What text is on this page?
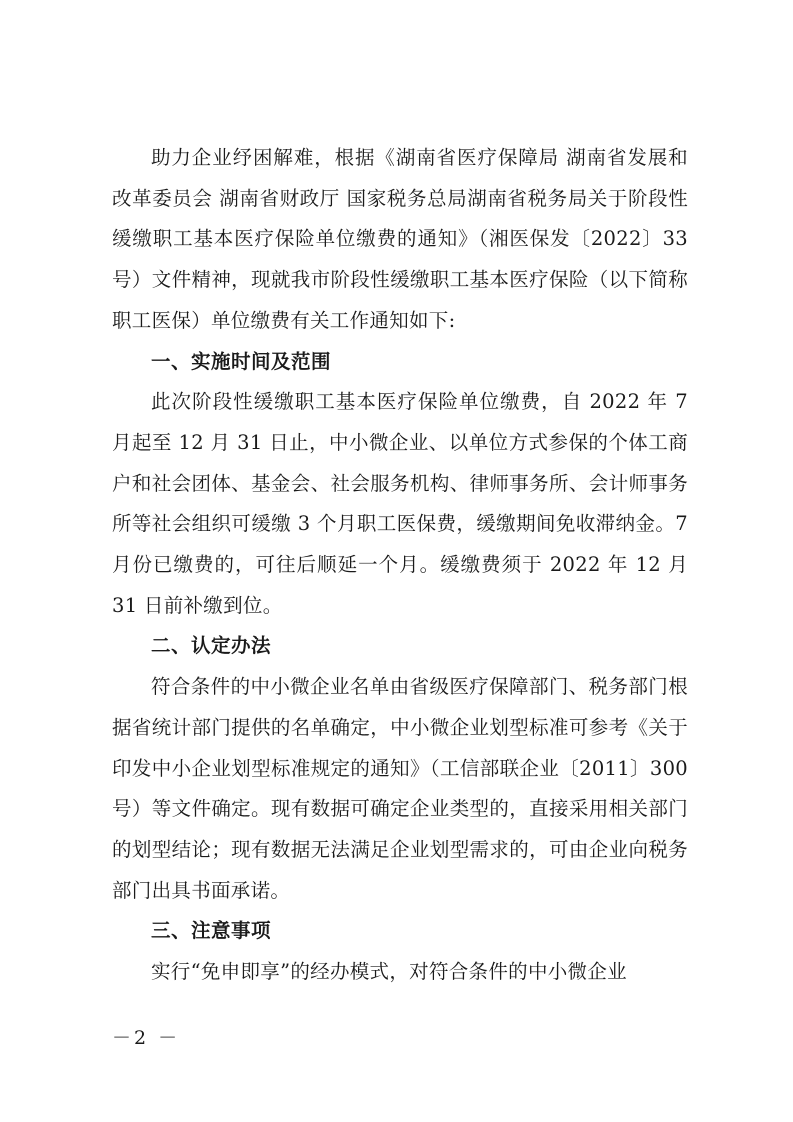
助力企业纾困解难，根据《湖南省医疗保障局 湖南省发展和改革委员会 湖南省财政厅 国家税务总局湖南省税务局关于阶段性缓缴职工基本医疗保险单位缴费的通知》（湘医保发〔2022〕33号）文件精神，现就我市阶段性缓缴职工基本医疗保险（以下简称职工医保）单位缴费有关工作通知如下:

一、实施时间及范围

此次阶段性缓缴职工基本医疗保险单位缴费，自 2022 年 7 月起至 12 月 31 日止，中小微企业、以单位方式参保的个体工商户和社会团体、基金会、社会服务机构、律师事务所、会计师事务所等社会组织可缓缴 3 个月职工医保费，缓缴期间免收滞纳金。7 月份已缴费的，可往后顺延一个月。缓缴费须于 2022 年 12 月 31 日前补缴到位。

二、认定办法

符合条件的中小微企业名单由省级医疗保障部门、税务部门根据省统计部门提供的名单确定，中小微企业划型标准可参考《关于印发中小企业划型标准规定的通知》（工信部联企业〔2011〕300号）等文件确定。现有数据可确定企业类型的，直接采用相关部门的划型结论；现有数据无法满足企业划型需求的，可由企业向税务部门出具书面承诺。

三、注意事项

实行“免申即享”的经办模式，对符合条件的中小微企业

－2 －
